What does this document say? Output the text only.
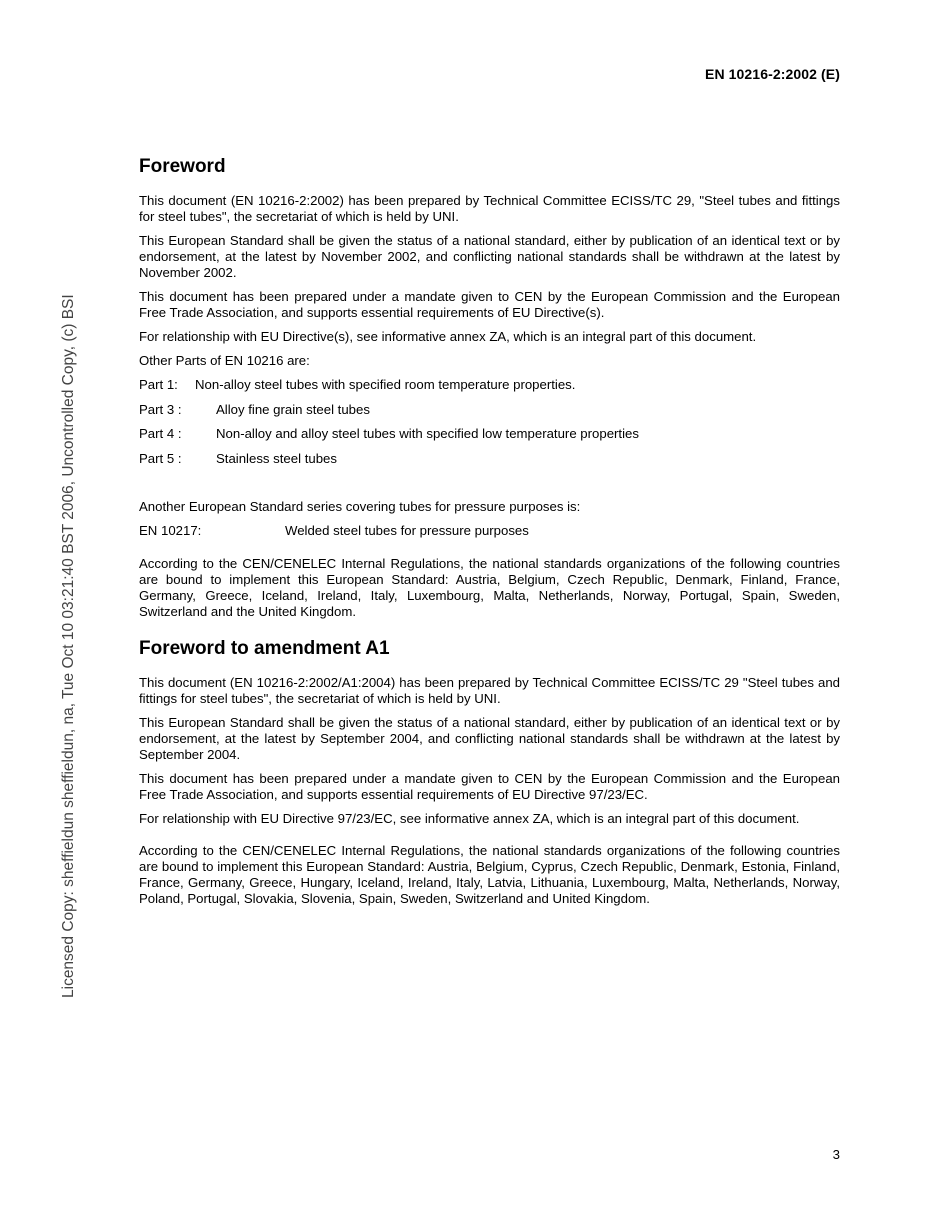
EN 10216-2:2002 (E)
Licensed Copy: sheffieldun sheffieldun, na, Tue Oct 10 03:21:40 BST 2006, Uncontrolled Copy, (c) BSI
Foreword

This document (EN 10216-2:2002) has been prepared by Technical Committee ECISS/TC 29, "Steel tubes and fittings for steel tubes", the secretariat of which is held by UNI.

This European Standard shall be given the status of a national standard, either by publication of an identical text or by endorsement, at the latest by November 2002, and conflicting national standards shall be withdrawn at the latest by November 2002.

This document has been prepared under a mandate given to CEN by the European Commission and the European Free Trade Association, and supports essential requirements of EU Directive(s).

For relationship with EU Directive(s), see informative annex ZA, which is an integral part of this document.

Other Parts of EN 10216 are:

Part 1:	Non-alloy steel tubes with specified room temperature properties.
Part 3 :	Alloy fine grain steel tubes
Part 4 :	Non-alloy and alloy steel tubes with specified low temperature properties
Part 5 :	Stainless steel tubes

Another European Standard series covering tubes for pressure purposes is:

EN 10217:	Welded steel tubes for pressure purposes

According to the CEN/CENELEC Internal Regulations, the national standards organizations of the following countries are bound to implement this European Standard: Austria, Belgium, Czech Republic, Denmark, Finland, France, Germany, Greece, Iceland, Ireland, Italy, Luxembourg, Malta, Netherlands, Norway, Portugal, Spain, Sweden, Switzerland and the United Kingdom.

Foreword to amendment A1

This document (EN 10216-2:2002/A1:2004) has been prepared by Technical Committee ECISS/TC 29 "Steel tubes and fittings for steel tubes", the secretariat of which is held by UNI.

This European Standard shall be given the status of a national standard, either by publication of an identical text or by endorsement, at the latest by September 2004, and conflicting national standards shall be withdrawn at the latest by September 2004.

This document has been prepared under a mandate given to CEN by the European Commission and the European Free Trade Association, and supports essential requirements of EU Directive 97/23/EC.

For relationship with EU Directive 97/23/EC, see informative annex ZA, which is an integral part of this document.

According to the CEN/CENELEC Internal Regulations, the national standards organizations of the following countries are bound to implement this European Standard: Austria, Belgium, Cyprus, Czech Republic, Denmark, Estonia, Finland, France, Germany, Greece, Hungary, Iceland, Ireland, Italy, Latvia, Lithuania, Luxembourg, Malta, Netherlands, Norway, Poland, Portugal, Slovakia, Slovenia, Spain, Sweden, Switzerland and United Kingdom.

3
